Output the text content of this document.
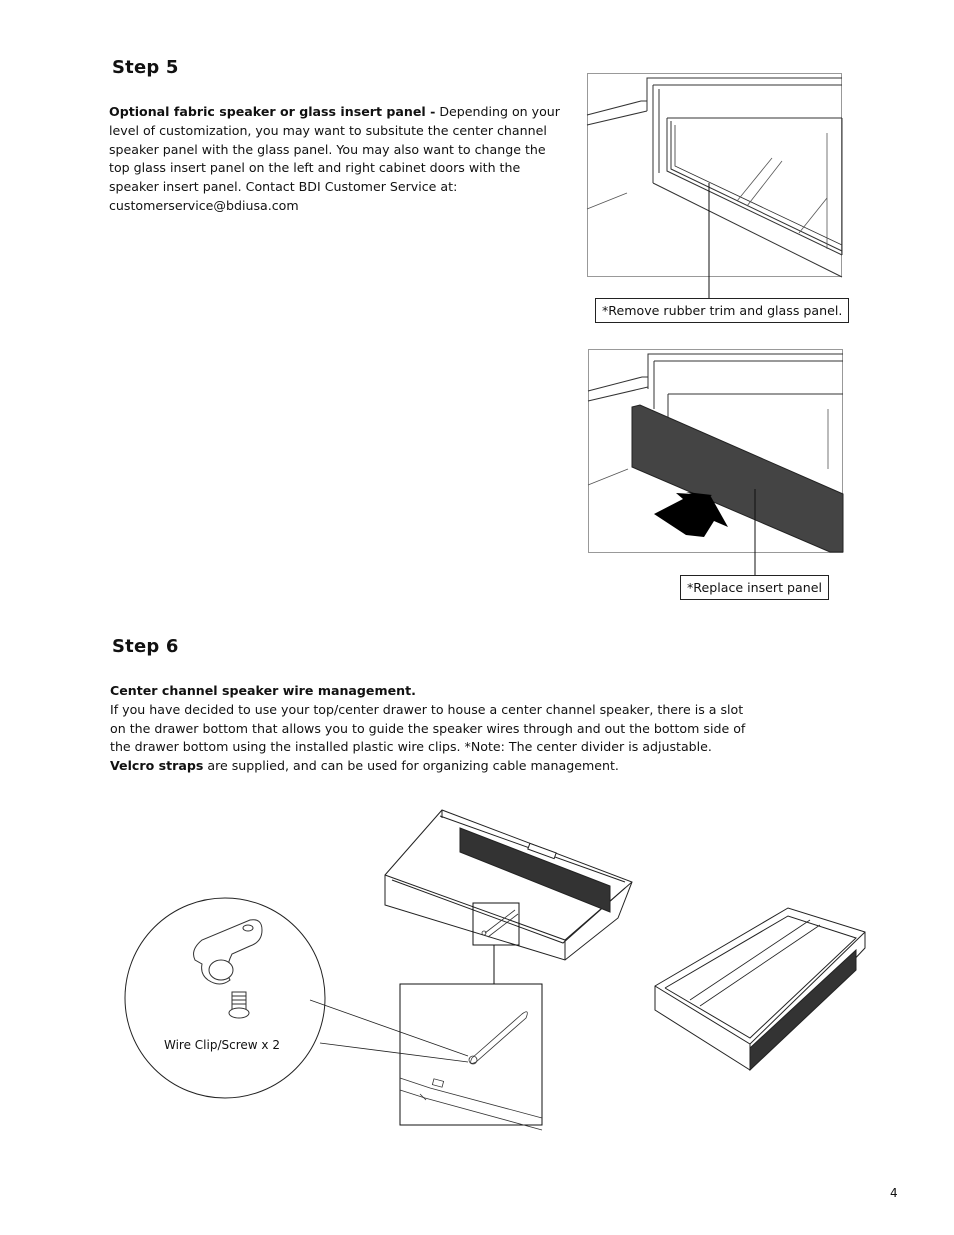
Step 5
Optional fabric speaker or glass insert panel - Depending on your level of customization, you may want to subsitute the center channel speaker panel with the glass panel. You may also want to change the top glass insert panel on the left and right cabinet doors with the speaker insert panel. Contact BDI Customer Service at: customerservice@bdiusa.com
*Remove rubber trim and glass panel.
*Replace insert panel
Step 6
Center channel speaker wire management.
If you have decided to use your top/center drawer to house a center channel speaker, there is a slot on the drawer bottom that allows you to guide the speaker wires through and out the bottom side of the drawer bottom using the installed plastic wire clips. *Note: The center divider is adjustable. Velcro straps are supplied, and can be used for organizing cable management.
Wire Clip/Screw x 2
4
